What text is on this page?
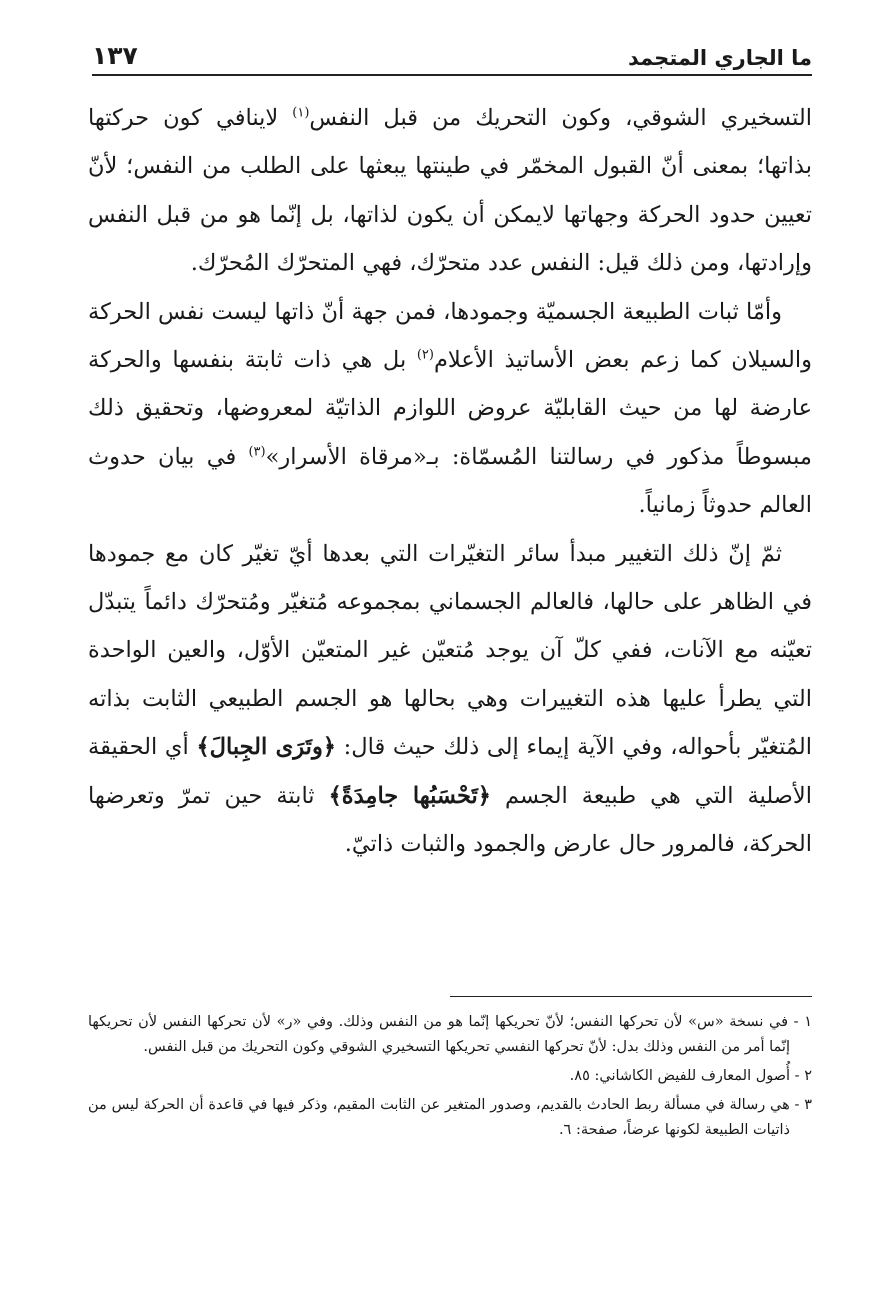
١٣٧	ما الجاري المتجمد

التسخيري الشوقي، وكون التحريك من قبل النفس$^{(١)}$ لاينافي كون حركتها بذاتها؛ بمعنى أنّ القبول المخمّر في طينتها يبعثها على الطلب من النفس؛ لأنّ تعيين حدود الحركة وجهاتها لايمكن أن يكون لذاتها، بل إنّما هو من قبل النفس وإرادتها، ومن ذلك قيل: النفس عدد متحرّك، فهي المتحرّك المُحرّك.

وأمّا ثبات الطبيعة الجسميّة وجمودها، فمن جهة أنّ ذاتها ليست نفس الحركة والسيلان كما زعم بعض الأساتيذ الأعلام$^{(٢)}$ بل هي ذات ثابتة بنفسها والحركة عارضة لها من حيث القابليّة عروض اللوازم الذاتيّة لمعروضها، وتحقيق ذلك مبسوطاً مذكور في رسالتنا المُسمّاة: بـ«مرقاة الأسرار»$^{(٣)}$ في بيان حدوث العالم حدوثاً زمانياً.

ثمّ إنّ ذلك التغيير مبدأ سائر التغيّرات التي بعدها أيّ تغيّر كان مع جمودها في الظاهر على حالها، فالعالم الجسماني بمجموعه مُتغيّر ومُتحرّك دائماً يتبدّل تعيّنه مع الآنات، ففي كلّ آن يوجد مُتعيّن غير المتعيّن الأوّل، والعين الواحدة التي يطرأ عليها هذه التغييرات وهي بحالها هو الجسم الطبيعي الثابت بذاته المُتغيّر بأحواله، وفي الآية إيماء إلى ذلك حيث قال: ﴿وتَرَى الجِبالَ﴾ أي الحقيقة الأصلية التي هي طبيعة الجسم ﴿تَحْسَبُها جامِدَةً﴾ ثابتة حين تمرّ وتعرضها الحركة، فالمرور حال عارض والجمود والثبات ذاتيّ.

١ - في نسخة «س» لأن تحركها النفس؛ لأنّ تحريكها إنّما هو من النفس وذلك. وفي «ر» لأن تحركها النفس لأن تحريكها إنّما أمر من النفس وذلك بدل: لأنّ تحركها النفسي تحريكها التسخيري الشوقي وكون التحريك من قبل النفس.

٢ - أُصول المعارف للفيض الكاشاني: ٨٥.

٣ - هي رسالة في مسألة ربط الحادث بالقديم، وصدور المتغير عن الثابت المقيم، وذكر فيها في قاعدة أن الحركة ليس من ذاتيات الطبيعة لكونها عرضاً، صفحة: ٦.
